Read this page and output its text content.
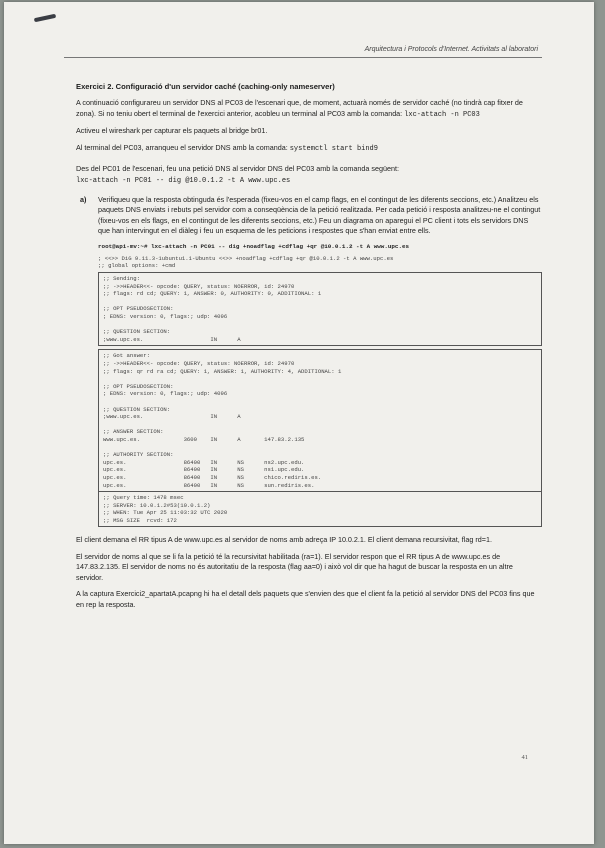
Arquitectura i Protocols d'Internet. Activitats al laboratori
Exercici 2. Configuració d'un servidor caché (caching-only nameserver)

A continuació configurareu un servidor DNS al PC03 de l'escenari que, de moment, actuarà només de servidor caché (no tindrà cap fitxer de zona). Si no teniu obert el terminal de l'exercici anterior, acobleu un terminal al PC03 amb la comanda: lxc-attach -n PC03

Activeu el wireshark per capturar els paquets al bridge br01.

Al terminal del PC03, arranqueu el servidor DNS amb la comanda: systemctl start bind9

Des del PC01 de l'escenari, feu una petició DNS al servidor DNS del PC03 amb la comanda següent:

lxc-attach -n PC01 -- dig @10.0.1.2 -t A www.upc.es
a) Verifiqueu que la resposta obtinguda és l'esperada (fixeu-vos en el camp flags, en el contingut de les diferents seccions, etc.) Analitzeu els paquets DNS enviats i rebuts pel servidor com a conseqüència de la petició realitzada. Per cada petició i resposta analitzeu-ne el contingut (fixeu-vos en els flags, en el contingut de les diferents seccions, etc.) Feu un diagrama on aparegui el PC client i tots els servidors DNS que han intervingut en el diàleg i feu un esquema de les peticions i respostes que s'han enviat entre ells.
root@api-mv:~# lxc-attach -n PC01 -- dig +noadflag +cdflag +qr @10.0.1.2 -t A www.upc.es
; <<>> DiG 9.11.3-1ubuntu1.1-Ubuntu <<>> +noadflag +cdflag +qr @10.0.1.2 -t A www.upc.es
;; global options: +cmd
;; Sending:
;; ->>HEADER<<- opcode: QUERY, status: NOERROR, id: 24970
;; flags: rd cd; QUERY: 1, ANSWER: 0, AUTHORITY: 0, ADDITIONAL: 1

;; OPT PSEUDOSECTION:
; EDNS: version: 0, flags:; udp: 4096

;; QUESTION SECTION:
;www.upc.es.                    IN      A
;; Got answer:
;; ->>HEADER<<- opcode: QUERY, status: NOERROR, id: 24970
;; flags: qr rd ra cd; QUERY: 1, ANSWER: 1, AUTHORITY: 4, ADDITIONAL: 1

;; OPT PSEUDOSECTION:
; EDNS: version: 0, flags:; udp: 4096

;; QUESTION SECTION:
;www.upc.es.                    IN      A

;; ANSWER SECTION:
www.upc.es.             3600    IN      A       147.83.2.135

;; AUTHORITY SECTION:
upc.es.                 86400   IN      NS      ns2.upc.edu.
upc.es.                 86400   IN      NS      ns1.upc.edu.
upc.es.                 86400   IN      NS      chico.rediris.es.
upc.es.                 86400   IN      NS      sun.rediris.es.
;; Query time: 1478 msec
;; SERVER: 10.0.1.2#53(10.0.1.2)
;; WHEN: Tue Apr 25 11:03:32 UTC 2020
;; MSG SIZE  rcvd: 172

El client demana el RR tipus A de www.upc.es al servidor de noms amb adreça IP 10.0.2.1. El client demana recursivitat, flag rd=1.

El servidor de noms al que se li fa la petició té la recursivitat habilitada (ra=1). El servidor respon que el RR tipus A de www.upc.es de 147.83.2.135. El servidor de noms no és autoritatiu de la resposta (flag aa=0) i això vol dir que ha hagut de buscar la resposta en un altre servidor.

A la captura Exercici2_apartatA.pcapng hi ha el detall dels paquets que s'envien des que el client fa la petició al servidor DNS del PC03 fins que en rep la resposta.

41
